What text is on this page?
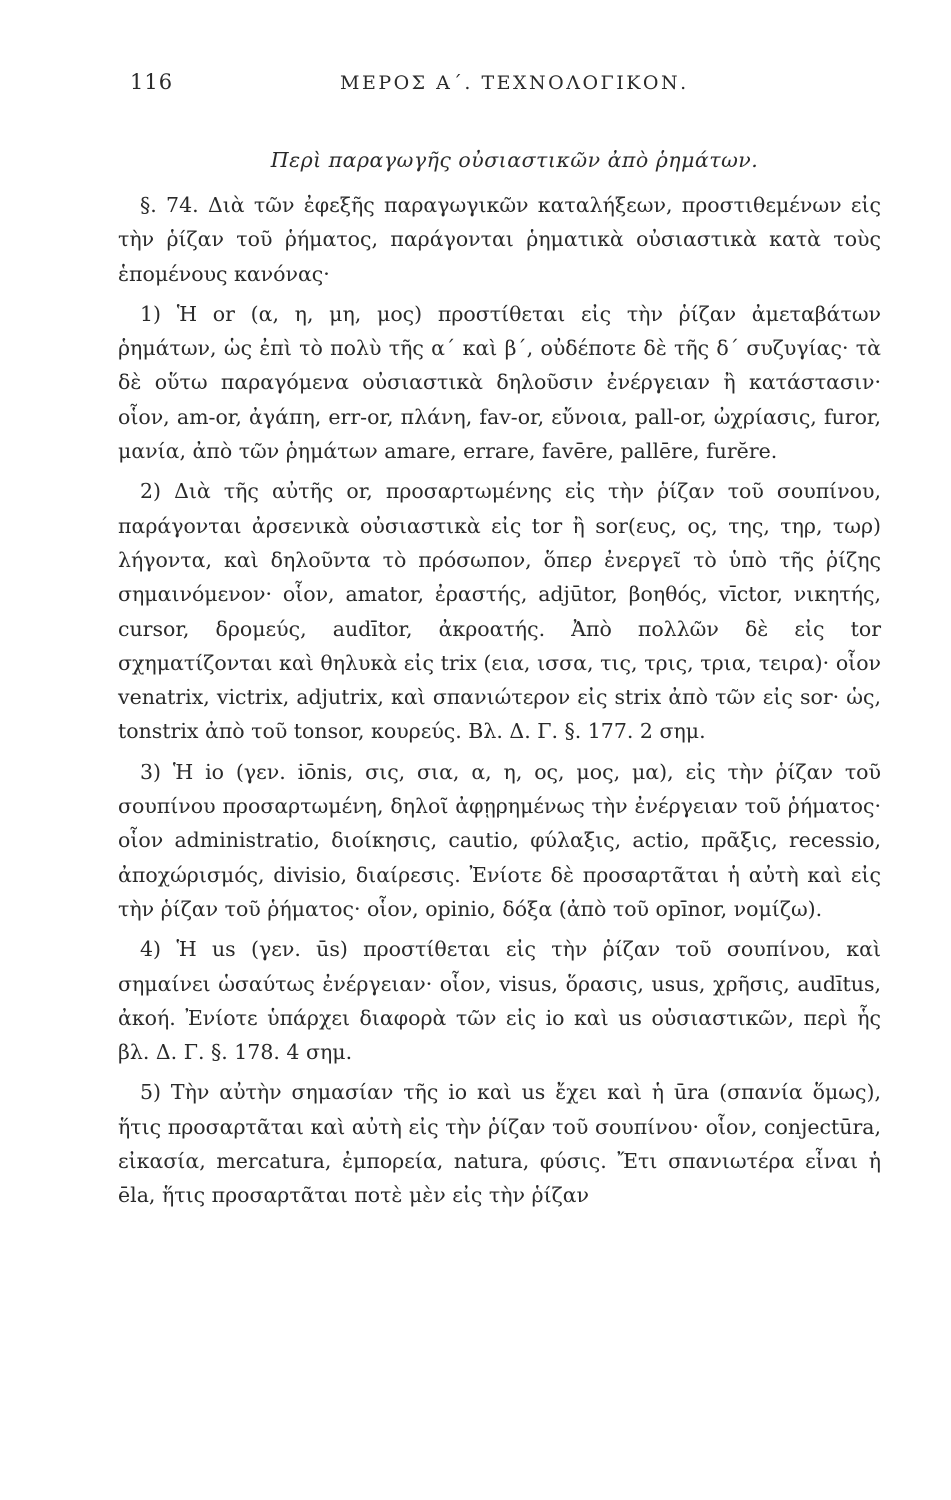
116	ΜΕΡΟΣ Α΄. ΤΕΧΝΟΛΟΓΙΚΟΝ.
Περὶ παραγωγῆς οὐσιαστικῶν ἀπὸ ῥημάτων.

§. 74. Διὰ τῶν ἐφεξῆς παραγωγικῶν καταλήξεων, προστιθεμένων εἰς τὴν ῥίζαν τοῦ ῥήματος, παράγονται ῥηματικὰ οὐσιαστικὰ κατὰ τοὺς ἑπομένους κανόνας·

1) Ἡ or (α, η, μη, μος) προστίθεται εἰς τὴν ῥίζαν ἀμεταβάτων ῥημάτων, ὡς ἐπὶ τὸ πολὺ τῆς α΄ καὶ β΄, οὐδέποτε δὲ τῆς δ΄ συζυγίας· τὰ δὲ οὕτω παραγόμενα οὐσιαστικὰ δηλοῦσιν ἐνέργειαν ἢ κατάστασιν· οἷον, am-or, ἀγάπη, err-or, πλάνη, fav-or, εὔνοια, pall-or, ὠχρίασις, furor, μανία, ἀπὸ τῶν ῥημάτων amare, errare, favēre, pallēre, furĕre.

2) Διὰ τῆς αὐτῆς or, προσαρτωμένης εἰς τὴν ῥίζαν τοῦ σουπίνου, παράγονται ἀρσενικὰ οὐσιαστικὰ εἰς tor ἢ sor(ευς, ος, της, τηρ, τωρ) λήγοντα, καὶ δηλοῦντα τὸ πρόσωπον, ὅπερ ἐνεργεῖ τὸ ὑπὸ τῆς ῥίζης σημαινόμενον· οἷον, amator, ἐραστής, adjūtor, βοηθός, vīctor, νικητής, cursor, δρομεύς, audītor, ἀκροατής. Ἀπὸ πολλῶν δὲ εἰς tor σχηματίζονται καὶ θηλυκὰ εἰς trix (εια, ισσα, τις, τρις, τρια, τειρα)· οἷον venatrix, victrix, adjutrix, καὶ σπανιώτερον εἰς strix ἀπὸ τῶν εἰς sor· ὡς, tonstrix ἀπὸ τοῦ tonsor, κουρεύς. Βλ. Δ. Γ. §. 177. 2 σημ.

3) Ἡ io (γεν. iōnis, σις, σια, α, η, ος, μος, μα), εἰς τὴν ῥίζαν τοῦ σουπίνου προσαρτωμένη, δηλοῖ ἀφῃρημένως τὴν ἐνέργειαν τοῦ ῥήματος· οἷον administratio, διοίκησις, cautio, φύλαξις, actio, πρᾶξις, recessio, ἀποχώρισμός, divisio, διαίρεσις. Ἐνίοτε δὲ προσαρτᾶται ἡ αὐτὴ καὶ εἰς τὴν ῥίζαν τοῦ ῥήματος· οἷον, opinio, δόξα (ἀπὸ τοῦ opīnor, νομίζω).

4) Ἡ us (γεν. ūs) προστίθεται εἰς τὴν ῥίζαν τοῦ σουπίνου, καὶ σημαίνει ὡσαύτως ἐνέργειαν· οἷον, visus, ὅρασις, usus, χρῆσις, audītus, ἀκοή. Ἐνίοτε ὑπάρχει διαφορὰ τῶν εἰς io καὶ us οὐσιαστικῶν, περὶ ἧς βλ. Δ. Γ. §. 178. 4 σημ.

5) Τὴν αὐτὴν σημασίαν τῆς io καὶ us ἔχει καὶ ἡ ūra (σπανία ὅμως), ἥτις προσαρτᾶται καὶ αὐτὴ εἰς τὴν ῥίζαν τοῦ σουπίνου· οἷον, conjectūra, εἰκασία, mercatura, ἐμπορεία, natura, φύσις. Ἔτι σπανιωτέρα εἶναι ἡ ēla, ἥτις προσαρτᾶται ποτὲ μὲν εἰς τὴν ῥίζαν
